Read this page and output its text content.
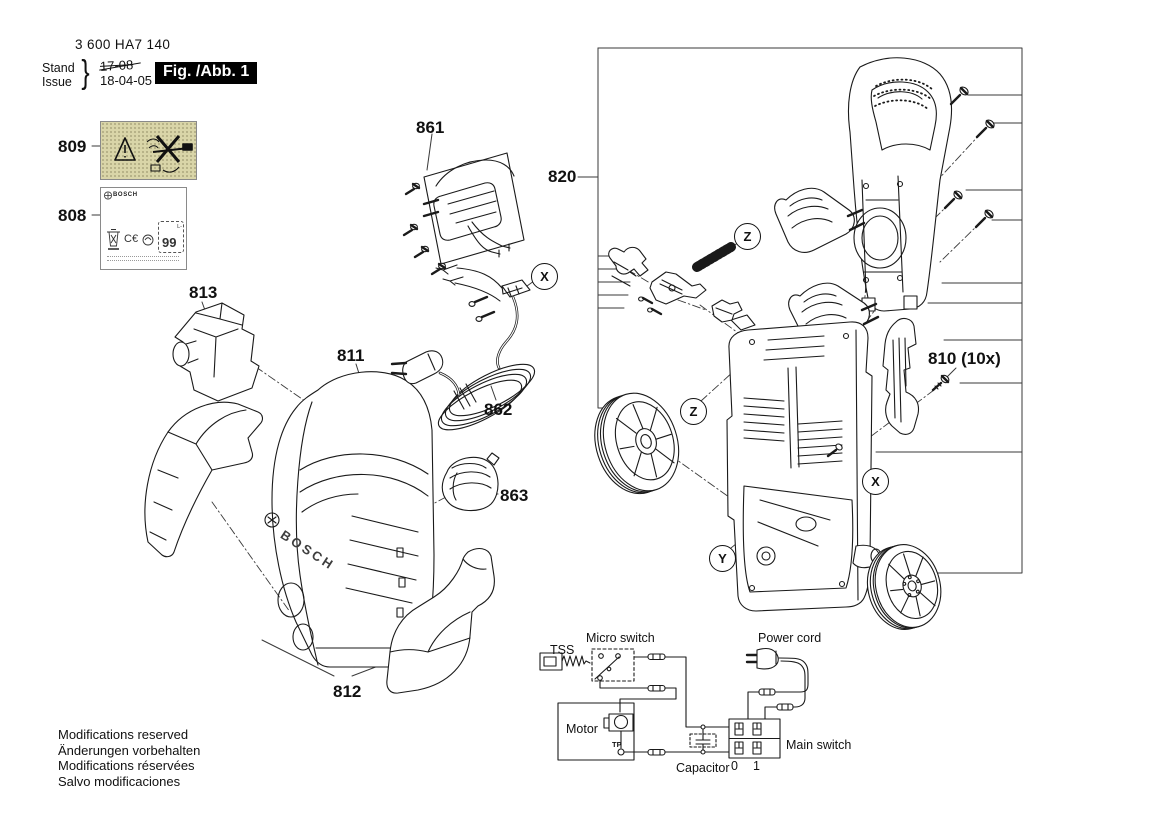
3 600 HA7 140
Stand
Issue } 17-08
18-04-05
Fig. /Abb. 1
BOSCH
C€ 99
L-
809
808
813
811
861
862
863
812
820
810 (10x)
X
Z
Z
X
Y
BOSCH
TSS
Micro switch	Power cord
Motor
Capacitor
Main switch
0 1
TP
Modifications reserved
Änderungen vorbehalten
Modifications réservées
Salvo modificaciones
